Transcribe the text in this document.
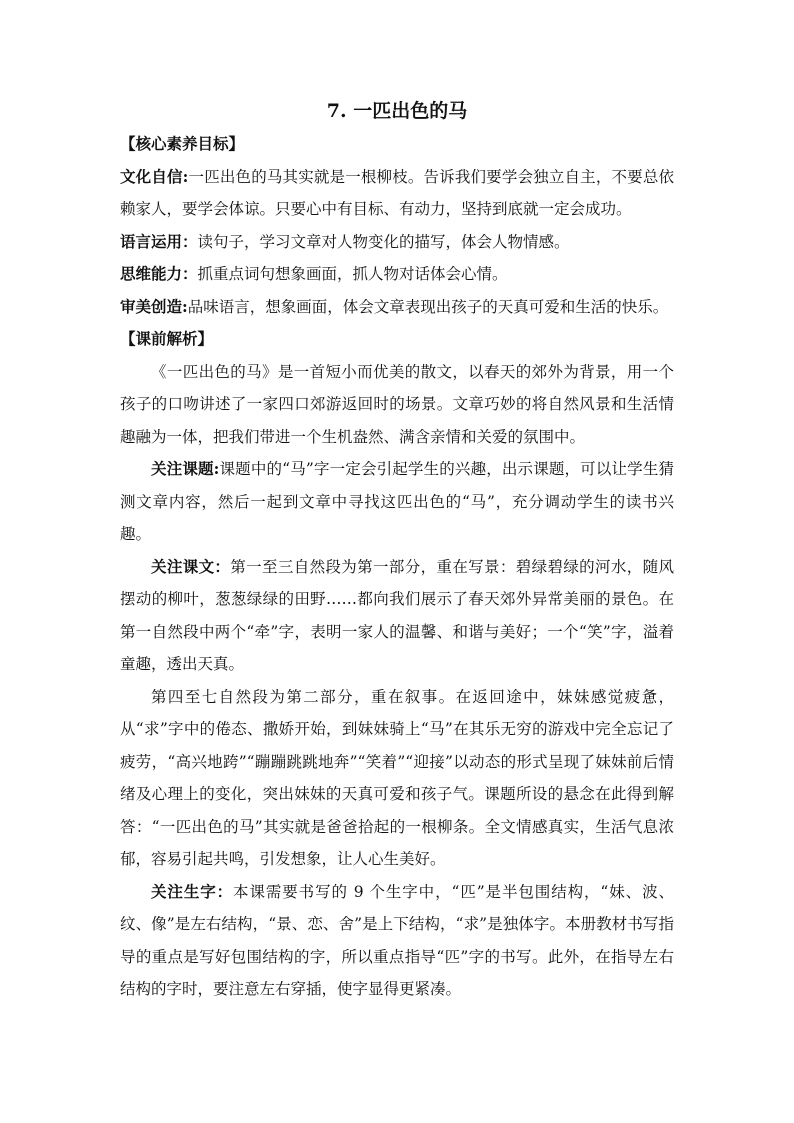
7. 一匹出色的马
【核心素养目标】

文化自信:一匹出色的马其实就是一根柳枝。告诉我们要学会独立自主，不要总依赖家人，要学会体谅。只要心中有目标、有动力，坚持到底就一定会成功。

语言运用：读句子，学习文章对人物变化的描写，体会人物情感。

思维能力：抓重点词句想象画面，抓人物对话体会心情。

审美创造:品味语言，想象画面，体会文章表现出孩子的天真可爱和生活的快乐。

【课前解析】

《一匹出色的马》是一首短小而优美的散文，以春天的郊外为背景，用一个孩子的口吻讲述了一家四口郊游返回时的场景。文章巧妙的将自然风景和生活情趣融为一体，把我们带进一个生机盎然、满含亲情和关爱的氛围中。

关注课题:课题中的“马”字一定会引起学生的兴趣，出示课题，可以让学生猜测文章内容，然后一起到文章中寻找这匹出色的“马”，充分调动学生的读书兴趣。

关注课文：第一至三自然段为第一部分，重在写景：碧绿碧绿的河水，随风摆动的柳叶，葱葱绿绿的田野……都向我们展示了春天郊外异常美丽的景色。在第一自然段中两个“牵”字，表明一家人的温馨、和谐与美好；一个“笑”字，溢着童趣，透出天真。

第四至七自然段为第二部分，重在叙事。在返回途中，妹妹感觉疲惫，从“求”字中的倦态、撒娇开始，到妹妹骑上“马”在其乐无穷的游戏中完全忘记了疲劳，“高兴地跨”“蹦蹦跳跳地奔”“笑着”“迎接”以动态的形式呈现了妹妹前后情绪及心理上的变化，突出妹妹的天真可爱和孩子气。课题所设的悬念在此得到解答：“一匹出色的马”其实就是爸爸拾起的一根柳条。全文情感真实，生活气息浓郁，容易引起共鸣，引发想象，让人心生美好。

关注生字：本课需要书写的 9 个生字中，“匹”是半包围结构，“妹、波、纹、像”是左右结构，“景、恋、舍”是上下结构，“求”是独体字。本册教材书写指导的重点是写好包围结构的字，所以重点指导“匹”字的书写。此外，在指导左右结构的字时，要注意左右穿插，使字显得更紧凑。
